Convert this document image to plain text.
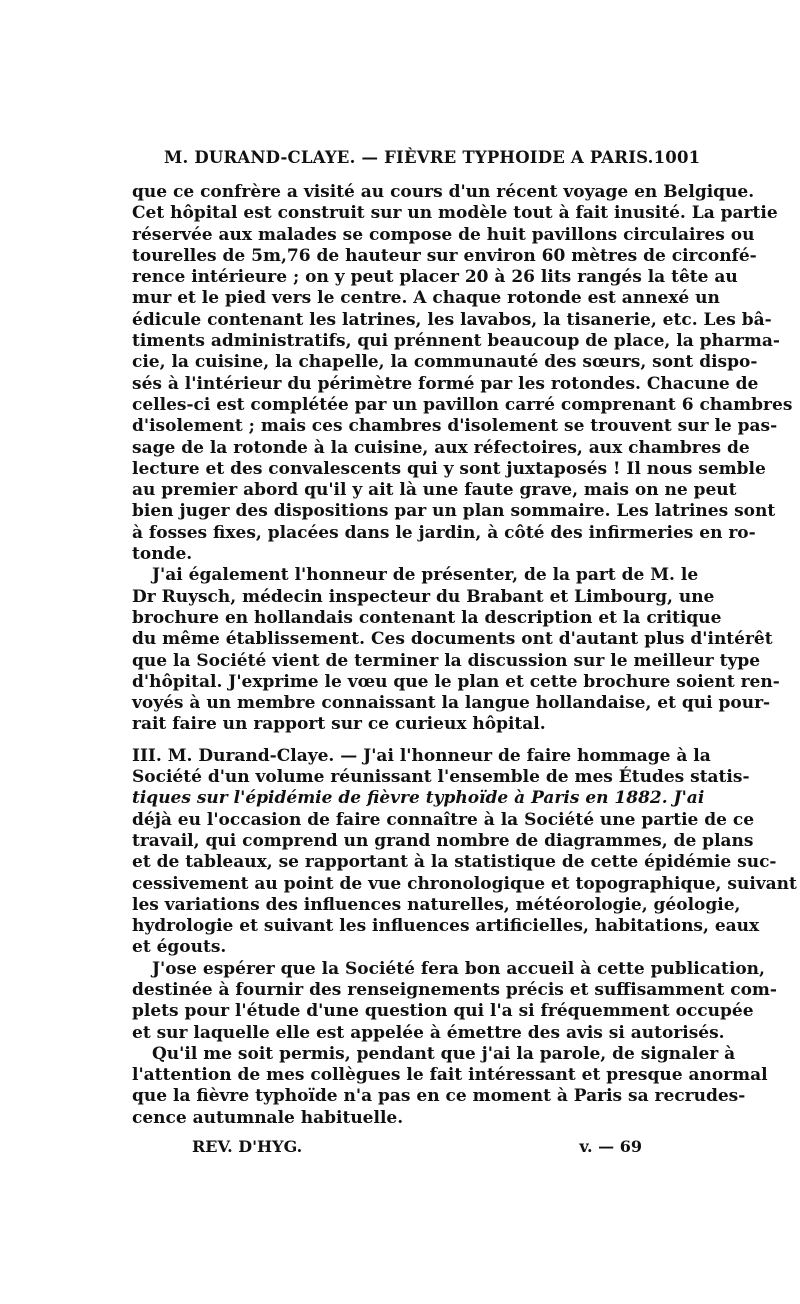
M. DURAND-CLAYE. — FIÈVRE TYPHOIDE A PARIS. 1001
que ce confrère a visité au cours d'un récent voyage en Belgique.
Cet hôpital est construit sur un modèle tout à fait inusité. La partie
réservée aux malades se compose de huit pavillons circulaires ou
tourelles de 5m,76 de hauteur sur environ 60 mètres de circonfé-
rence intérieure ; on y peut placer 20 à 26 lits rangés la tête au
mur et le pied vers le centre. A chaque rotonde est annexé un
édicule contenant les latrines, les lavabos, la tisanerie, etc. Les bâ-
timents administratifs, qui prénnent beaucoup de place, la pharma-
cie, la cuisine, la chapelle, la communauté des sœurs, sont dispo-
sés à l'intérieur du périmètre formé par les rotondes. Chacune de
celles-ci est complétée par un pavillon carré comprenant 6 chambres
d'isolement ; mais ces chambres d'isolement se trouvent sur le pas-
sage de la rotonde à la cuisine, aux réfectoires, aux chambres de
lecture et des convalescents qui y sont juxtaposés ! Il nous semble
au premier abord qu'il y ait là une faute grave, mais on ne peut
bien juger des dispositions par un plan sommaire. Les latrines sont
à fosses fixes, placées dans le jardin, à côté des infirmeries en ro-
tonde.
J'ai également l'honneur de présenter, de la part de M. le
Dr Ruysch, médecin inspecteur du Brabant et Limbourg, une
brochure en hollandais contenant la description et la critique
du même établissement. Ces documents ont d'autant plus d'intérêt
que la Société vient de terminer la discussion sur le meilleur type
d'hôpital. J'exprime le vœu que le plan et cette brochure soient ren-
voyés à un membre connaissant la langue hollandaise, et qui pour-
rait faire un rapport sur ce curieux hôpital.
III. M. Durand-Claye. — J'ai l'honneur de faire hommage à la
Société d'un volume réunissant l'ensemble de mes Études statis-
tiques sur l'épidémie de fièvre typhoïde à Paris en 1882. J'ai
déjà eu l'occasion de faire connaître à la Société une partie de ce
travail, qui comprend un grand nombre de diagrammes, de plans
et de tableaux, se rapportant à la statistique de cette épidémie suc-
cessivement au point de vue chronologique et topographique, suivant
les variations des influences naturelles, météorologie, géologie,
hydrologie et suivant les influences artificielles, habitations, eaux
et égouts.
J'ose espérer que la Société fera bon accueil à cette publication,
destinée à fournir des renseignements précis et suffisamment com-
plets pour l'étude d'une question qui l'a si fréquemment occupée
et sur laquelle elle est appelée à émettre des avis si autorisés.
Qu'il me soit permis, pendant que j'ai la parole, de signaler à
l'attention de mes collègues le fait intéressant et presque anormal
que la fièvre typhoïde n'a pas en ce moment à Paris sa recrudes-
cence autumnale habituelle.
REV. D'HYG.	v. — 69
